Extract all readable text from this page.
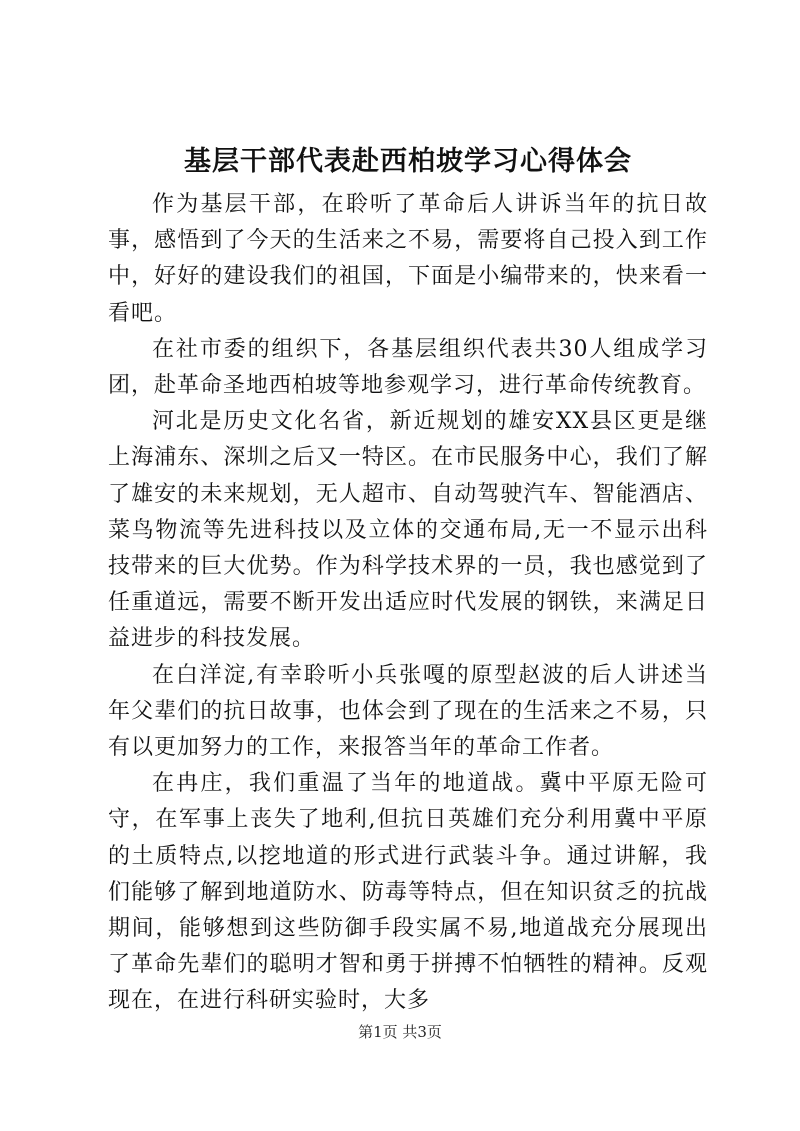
基层干部代表赴西柏坡学习心得体会

作为基层干部，在聆听了革命后人讲诉当年的抗日故事，感悟到了今天的生活来之不易，需要将自己投入到工作中，好好的建设我们的祖国，下面是小编带来的，快来看一看吧。

在社市委的组织下，各基层组织代表共30人组成学习团，赴革命圣地西柏坡等地参观学习，进行革命传统教育。

河北是历史文化名省，新近规划的雄安XX县区更是继上海浦东、深圳之后又一特区。在市民服务中心，我们了解了雄安的未来规划，无人超市、自动驾驶汽车、智能酒店、菜鸟物流等先进科技以及立体的交通布局,无一不显示出科技带来的巨大优势。作为科学技术界的一员，我也感觉到了任重道远，需要不断开发出适应时代发展的钢铁，来满足日益进步的科技发展。

在白洋淀,有幸聆听小兵张嘎的原型赵波的后人讲述当年父辈们的抗日故事，也体会到了现在的生活来之不易，只有以更加努力的工作，来报答当年的革命工作者。

在冉庄，我们重温了当年的地道战。冀中平原无险可守，在军事上丧失了地利,但抗日英雄们充分利用冀中平原的土质特点,以挖地道的形式进行武装斗争。通过讲解，我们能够了解到地道防水、防毒等特点，但在知识贫乏的抗战期间，能够想到这些防御手段实属不易,地道战充分展现出了革命先辈们的聪明才智和勇于拼搏不怕牺牲的精神。反观现在，在进行科研实验时，大多

第1页 共3页
